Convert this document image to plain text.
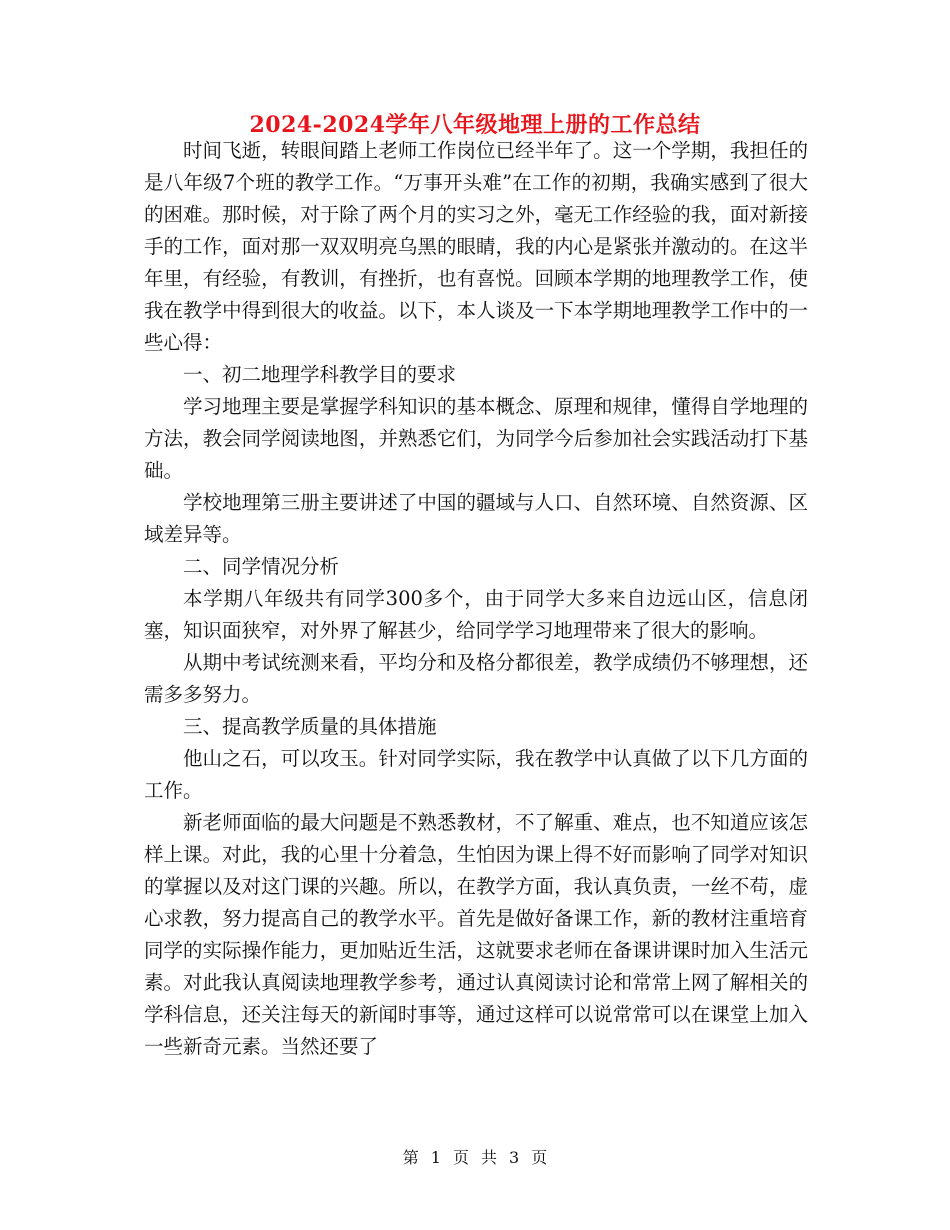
2024-2024学年八年级地理上册的工作总结

时间飞逝，转眼间踏上老师工作岗位已经半年了。这一个学期，我担任的是八年级7个班的教学工作。“万事开头难”在工作的初期，我确实感到了很大的困难。那时候，对于除了两个月的实习之外，毫无工作经验的我，面对新接手的工作，面对那一双双明亮乌黑的眼睛，我的内心是紧张并激动的。在这半年里，有经验，有教训，有挫折，也有喜悦。回顾本学期的地理教学工作，使我在教学中得到很大的收益。以下，本人谈及一下本学期地理教学工作中的一些心得：

一、初二地理学科教学目的要求

学习地理主要是掌握学科知识的基本概念、原理和规律，懂得自学地理的方法，教会同学阅读地图，并熟悉它们，为同学今后参加社会实践活动打下基础。

学校地理第三册主要讲述了中国的疆域与人口、自然环境、自然资源、区域差异等。

二、同学情况分析

本学期八年级共有同学300多个，由于同学大多来自边远山区，信息闭塞，知识面狭窄，对外界了解甚少，给同学学习地理带来了很大的影响。

从期中考试统测来看，平均分和及格分都很差，教学成绩仍不够理想，还需多多努力。

三、提高教学质量的具体措施

他山之石，可以攻玉。针对同学实际，我在教学中认真做了以下几方面的工作。

新老师面临的最大问题是不熟悉教材，不了解重、难点，也不知道应该怎样上课。对此，我的心里十分着急，生怕因为课上得不好而影响了同学对知识的掌握以及对这门课的兴趣。所以，在教学方面，我认真负责，一丝不苟，虚心求教，努力提高自己的教学水平。首先是做好备课工作，新的教材注重培育同学的实际操作能力，更加贴近生活，这就要求老师在备课讲课时加入生活元素。对此我认真阅读地理教学参考，通过认真阅读讨论和常常上网了解相关的学科信息，还关注每天的新闻时事等，通过这样可以说常常可以在课堂上加入一些新奇元素。当然还要了

第 1 页 共 3 页
